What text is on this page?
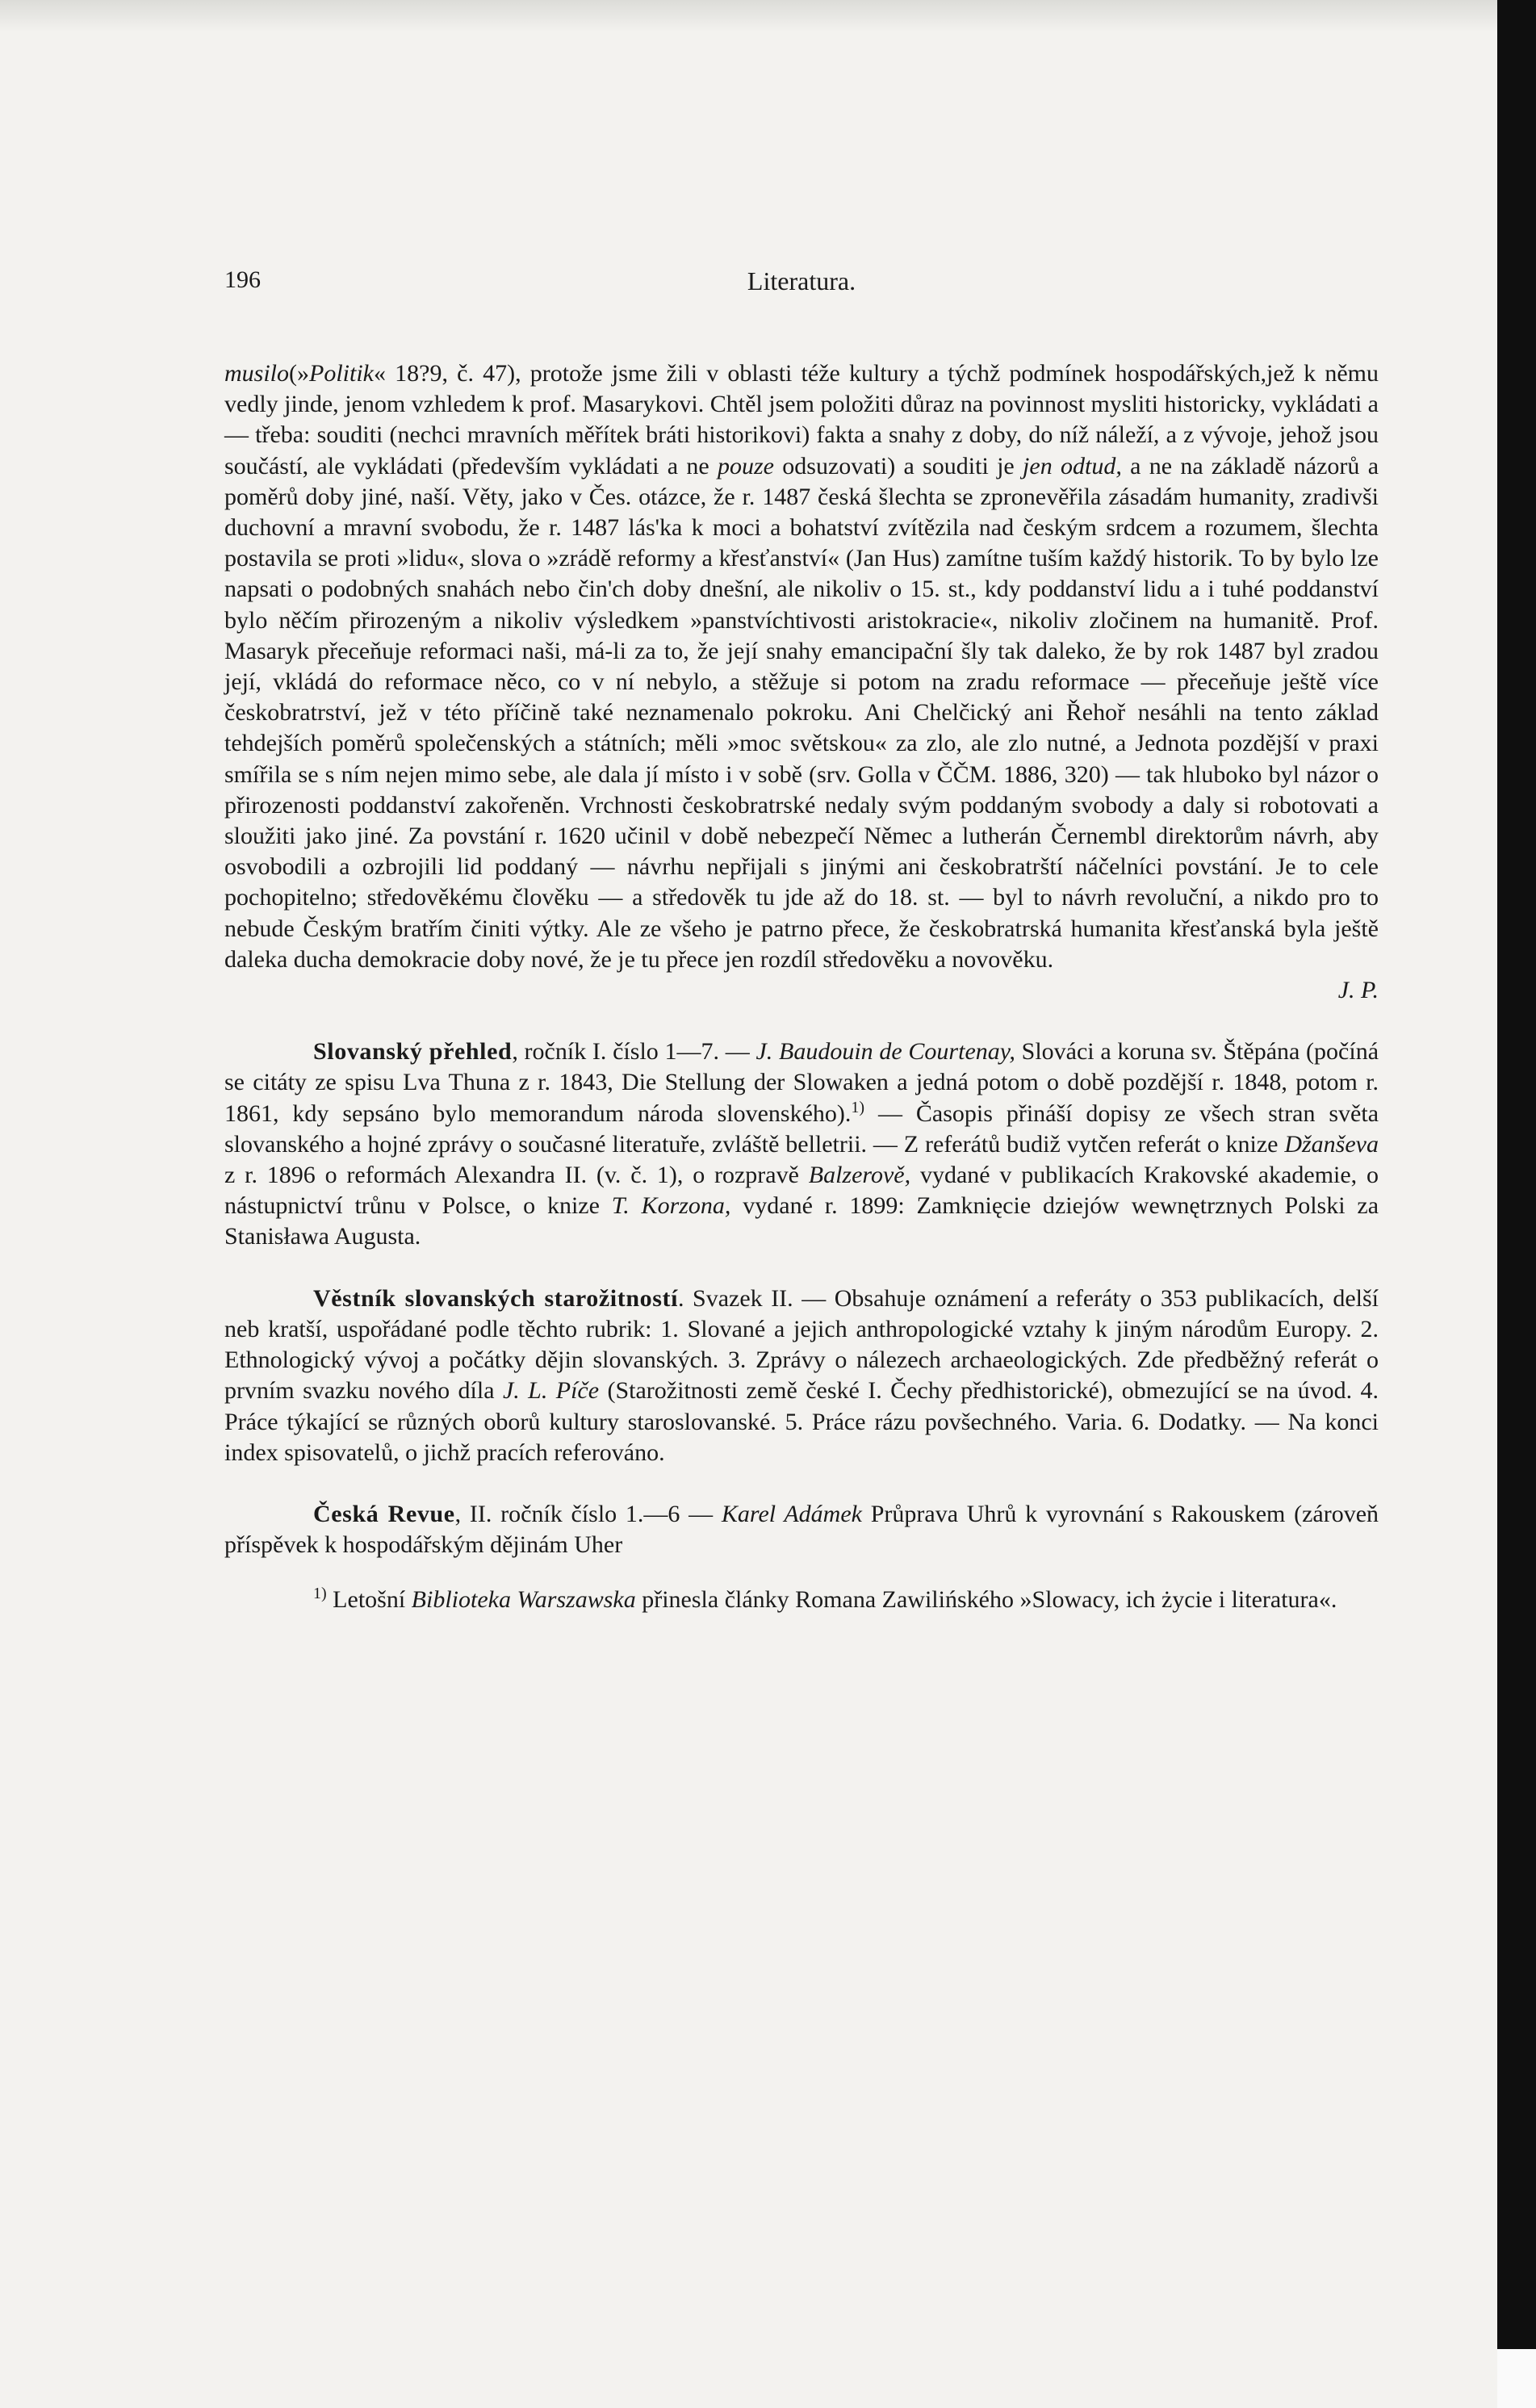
196	Literatura.

musilo(»Politik« 18?9, č. 47), protože jsme žili v oblasti téže kultury a týchž podmínek hospodářských,jež k němu vedly jinde, jenom vzhledem k prof. Masarykovi. Chtěl jsem položiti důraz na povinnost mysliti historicky, vykládati a — třeba: souditi (nechci mravních měřítek bráti historikovi) fakta a snahy z doby, do níž náleží, a z vývoje, jehož jsou součástí, ale vykládati (především vykládati a ne pouze odsuzovati) a souditi je jen odtud, a ne na základě názorů a poměrů doby jiné, naší. Věty, jako v Čes. otázce, že r. 1487 česká šlechta se zpronevěřila zásadám humanity, zradivši duchovní a mravní svobodu, že r. 1487 lás'ka k moci a bohatství zvítězila nad českým srdcem a rozumem, šlechta postavila se proti »lidu«, slova o »zrádě reformy a křesťanství« (Jan Hus) zamítne tuším každý historik. To by bylo lze napsati o podobných snahách nebo čin'ch doby dnešní, ale nikoliv o 15. st., kdy poddanství lidu a i tuhé poddanství bylo něčím přirozeným a nikoliv výsledkem »panstvíchtivosti aristokracie«, nikoliv zločinem na humanitě. Prof. Masaryk přeceňuje reformaci naši, má-li za to, že její snahy emancipační šly tak daleko, že by rok 1487 byl zradou její, vkládá do reformace něco, co v ní nebylo, a stěžuje si potom na zradu reformace — přeceňuje ještě více českobratrství, jež v této příčině také neznamenalo pokroku. Ani Chelčický ani Řehoř nesáhli na tento základ tehdejších poměrů společenských a státních; měli »moc světskou« za zlo, ale zlo nutné, a Jednota pozdější v praxi smířila se s ním nejen mimo sebe, ale dala jí místo i v sobě (srv. Golla v ČČM. 1886, 320) — tak hluboko byl názor o přirozenosti poddanství zakořeněn. Vrchnosti českobratrské nedaly svým poddaným svobody a daly si robotovati a sloužiti jako jiné. Za povstání r. 1620 učinil v době nebezpečí Němec a lutherán Černembl direktorům návrh, aby osvobodili a ozbrojili lid poddaný — návrhu nepřijali s jinými ani českobratrští náčelníci povstání. Je to cele pochopitelno; středověkému člověku — a středověk tu jde až do 18. st. — byl to návrh revoluční, a nikdo pro to nebude Českým bratřím činiti výtky. Ale ze všeho je patrno přece, že českobratrská humanita křesťanská byla ještě daleka ducha demokracie doby nové, že je tu přece jen rozdíl středověku a novověku.
J. P.

Slovanský přehled, ročník I. číslo 1—7. — J. Baudouin de Courtenay, Slováci a koruna sv. Štěpána (počíná se citáty ze spisu Lva Thuna z r. 1843, Die Stellung der Slowaken a jedná potom o době pozdější r. 1848, potom r. 1861, kdy sepsáno bylo memorandum národa slovenského).$^{1)}$ — Časopis přináší dopisy ze všech stran světa slovanského a hojné zprávy o současné literatuře, zvláště belletrii. — Z referátů budiž vytčen referát o knize Džanševa z r. 1896 o reformách Alexandra II. (v. č. 1), o rozpravě Balzerově, vydané v publikacích Krakovské akademie, o nástupnictví trůnu v Polsce, o knize T. Korzona, vydané r. 1899: Zamknięcie dziejów wewnętrznych Polski za Stanisława Augusta.

Věstník slovanských starožitností. Svazek II. — Obsahuje oznámení a referáty o 353 publikacích, delší neb kratší, uspořádané podle těchto rubrik: 1. Slované a jejich anthropologické vztahy k jiným národům Europy. 2. Ethnologický vývoj a počátky dějin slovanských. 3. Zprávy o nálezech archaeologických. Zde předběžný referát o prvním svazku nového díla J. L. Píče (Starožitnosti země české I. Čechy předhistorické), obmezující se na úvod. 4. Práce týkající se různých oborů kultury staroslovanské. 5. Práce rázu povšechného. Varia. 6. Dodatky. — Na konci index spisovatelů, o jichž pracích referováno.

Česká Revue, II. ročník číslo 1.—6 — Karel Adámek Průprava Uhrů k vyrovnání s Rakouskem (zároveň příspěvek k hospodářským dějinám Uher

$^{1)}$ Letošní Biblioteka Warszawska přinesla články Romana Zawilińského »Slowacy, ich życie i literatura«.
